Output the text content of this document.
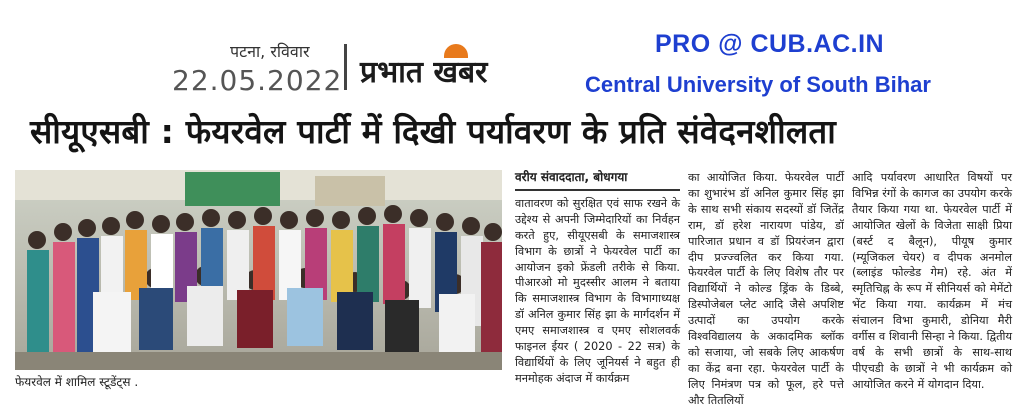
पटना, रविवार
22.05.2022 प्रभात खबर
PRO @ CUB.AC.IN
Central University of South Bihar
सीयूएसबी : फेयरवेल पार्टी में दिखी पर्यावरण के प्रति संवेदनशीलता
फेयरवेल में शामिल स्टूडेंट्स .
वरीय संवाददाता, बोधगया

वातावरण को सुरक्षित एवं साफ रखने के उद्देश्य से अपनी जिम्मेदारियों का निर्वहन करते हुए, सीयूएसबी के समाजशास्त्र विभाग के छात्रों ने फेयरवेल पार्टी का आयोजन इको फ्रेंडली तरीके से किया. पीआरओ मो मुदस्सीर आलम ने बताया कि समाजशास्त्र विभाग के विभागाध्यक्ष डॉ अनिल कुमार सिंह झा के मार्गदर्शन में एमए समाजशास्त्र व एमए सोशलवर्क फाइनल ईयर ( 2020 - 22 सत्र) के विद्यार्थियों के लिए जूनियर्स ने बहुत ही मनमोहक अंदाज में कार्यक्रम

का आयोजित किया. फेयरवेल पार्टी का शुभारंभ डॉ अनिल कुमार सिंह झा के साथ सभी संकाय सदस्यों डॉ जितेंद्र राम, डॉ हरेश नारायण पांडेय, डॉ पारिजात प्रधान व डॉ प्रियरंजन द्वारा दीप प्रज्ज्वलित कर किया गया. फेयरवेल पार्टी के लिए विशेष तौर पर विद्यार्थियों ने कोल्ड ड्रिंक के डिब्बे, डिस्पोजेबल प्लेट आदि जैसे अपशिष्ट उत्पादों का उपयोग करके विश्वविद्यालय के अकादमिक ब्लॉक को सजाया, जो सबके लिए आकर्षण का केंद्र बना रहा. फेयरवेल पार्टी के लिए निमंत्रण पत्र को फूल, हरे पत्ते और तितलियों

आदि पर्यावरण आधारित विषयों पर विभिन्न रंगों के कागज का उपयोग करके तैयार किया गया था. फेयरवेल पार्टी में आयोजित खेलों के विजेता साक्षी प्रिया (बर्स्ट द बैलून), पीयूष कुमार (म्यूजिकल चेयर) व दीपक अनमोल (ब्लाइंड फोल्डेड गेम) रहे. अंत में स्मृतिचिह्न के रूप में सीनियर्स को मेमेंटो भेंट किया गया. कार्यक्रम में मंच संचालन विभा कुमारी, डोनिया मैरी वर्गीस व शिवानी सिन्हा ने किया. द्वितीय वर्ष के सभी छात्रों के साथ-साथ पीएचडी के छात्रों ने भी कार्यक्रम को आयोजित करने में योगदान दिया.
